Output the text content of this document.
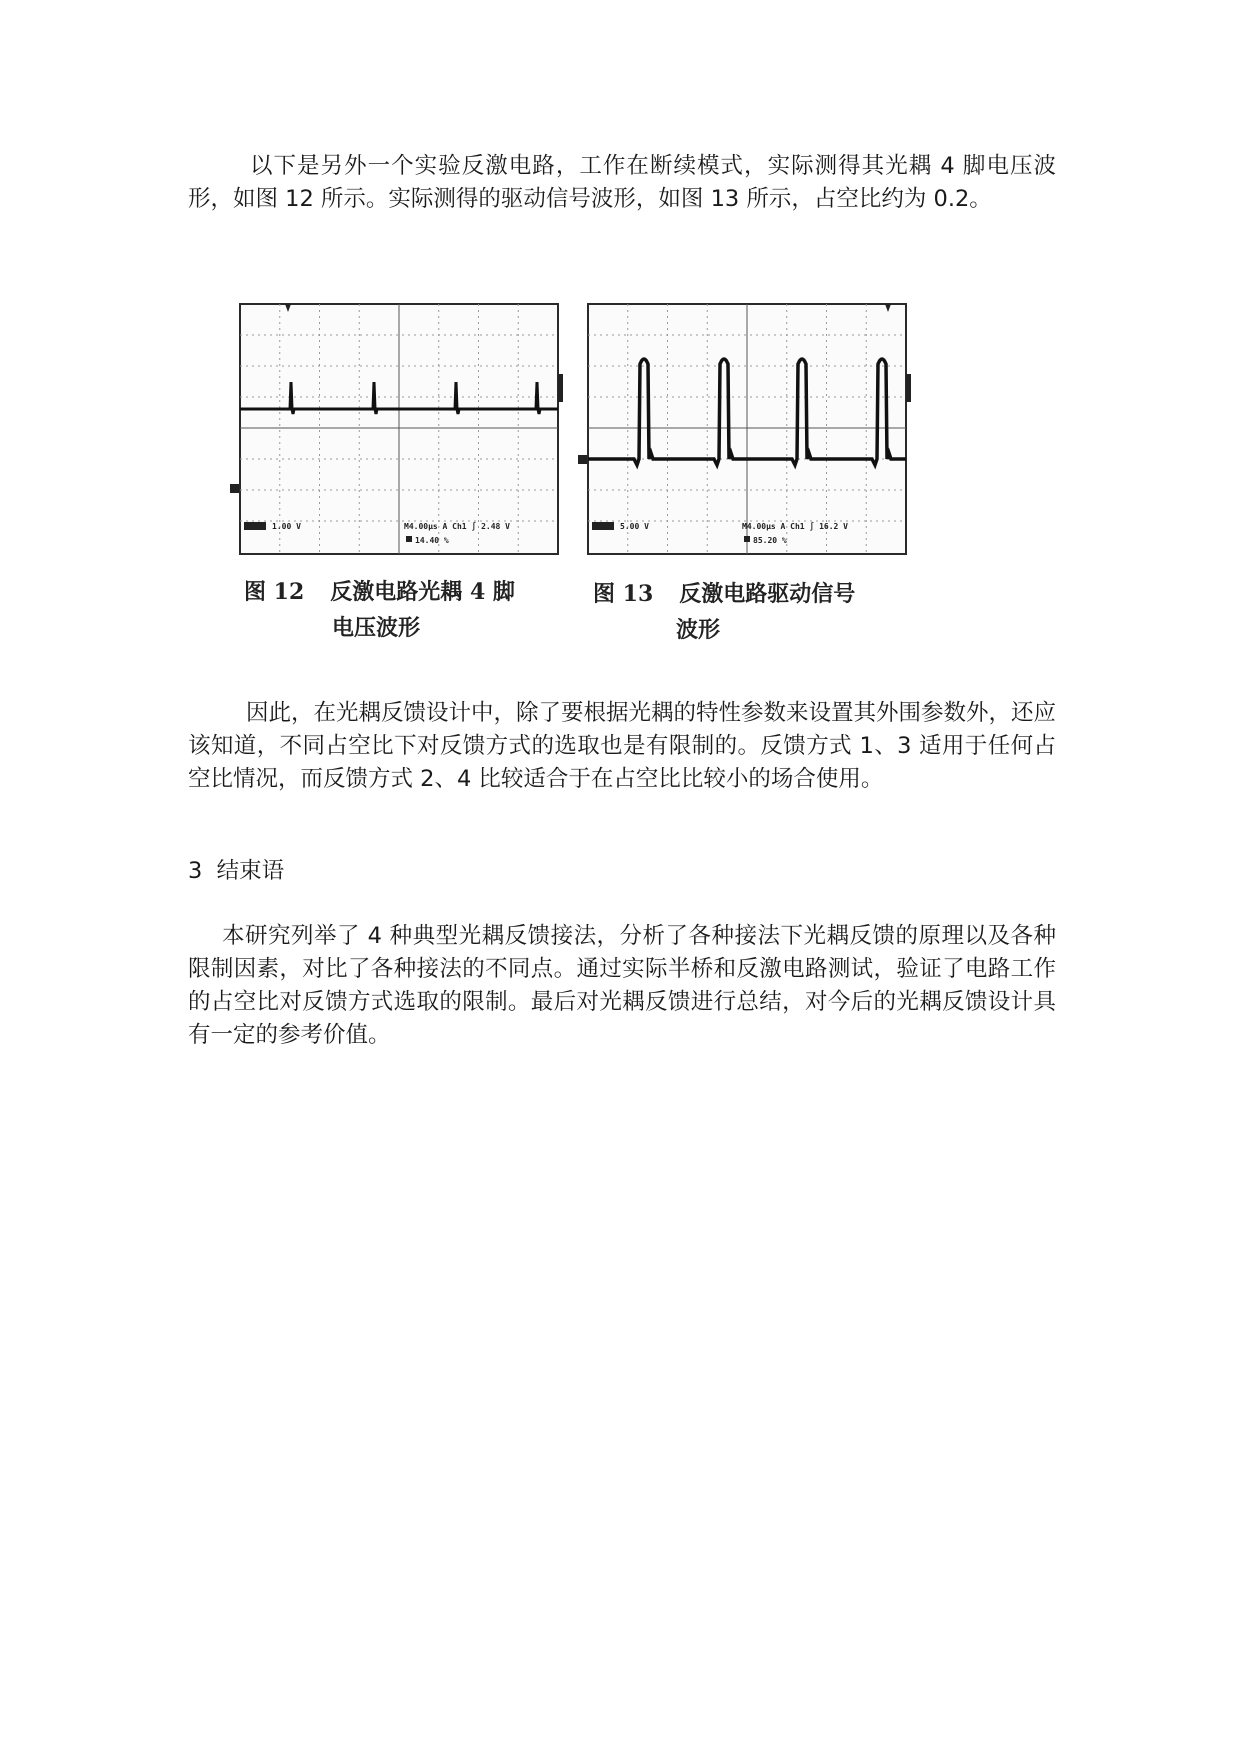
以下是另外一个实验反激电路，工作在断续模式，实际测得其光耦 4 脚电压波形，如图 12 所示。实际测得的驱动信号波形，如图 13 所示，占空比约为 0.2。

1.00 V	M4.00μs A Ch1 ∫ 2.48 V
14.40 %
5.00 V	M4.00μs A Ch1 ∫ 16.2 V
85.20 %
图 12 反激电路光耦 4 脚
电压波形
图 13 反激电路驱动信号
波形

因此，在光耦反馈设计中，除了要根据光耦的特性参数来设置其外围参数外，还应该知道，不同占空比下对反馈方式的选取也是有限制的。反馈方式 1、3 适用于任何占空比情况，而反馈方式 2、4 比较适合于在占空比比较小的场合使用。

3 结束语

本研究列举了 4 种典型光耦反馈接法，分析了各种接法下光耦反馈的原理以及各种限制因素，对比了各种接法的不同点。通过实际半桥和反激电路测试，验证了电路工作的占空比对反馈方式选取的限制。最后对光耦反馈进行总结，对今后的光耦反馈设计具有一定的参考价值。
